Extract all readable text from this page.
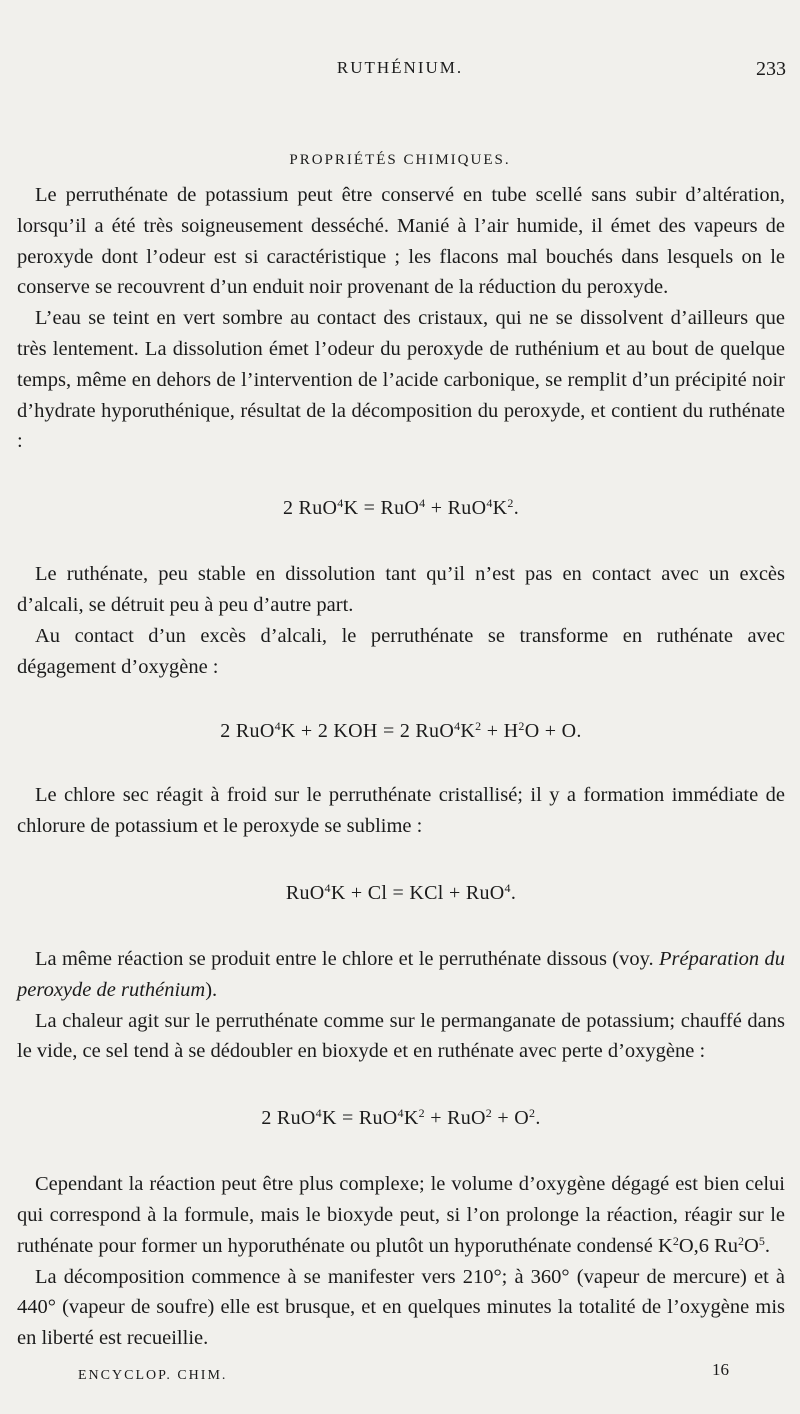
RUTHÉNIUM.	233
PROPRIÉTÉS CHIMIQUES.

Le perruthénate de potassium peut être conservé en tube scellé sans subir d’altération, lorsqu’il a été très soigneusement desséché. Manié à l’air humide, il émet des vapeurs de peroxyde dont l’odeur est si caractéristique ; les flacons mal bouchés dans lesquels on le conserve se recouvrent d’un enduit noir provenant de la réduction du peroxyde.

L’eau se teint en vert sombre au contact des cristaux, qui ne se dissolvent d’ailleurs que très lentement. La dissolution émet l’odeur du peroxyde de ruthénium et au bout de quelque temps, même en dehors de l’intervention de l’acide carbonique, se remplit d’un précipité noir d’hydrate hyporuthénique, résultat de la décomposition du peroxyde, et contient du ruthénate :

2 $RuO^4K = RuO^4 + RuO^4K^2$.

Le ruthénate, peu stable en dissolution tant qu’il n’est pas en contact avec un excès d’alcali, se détruit peu à peu d’autre part.

Au contact d’un excès d’alcali, le perruthénate se transforme en ruthénate avec dégagement d’oxygène :

2 RuO$^4$K + 2 KOH = 2 $RuO^4K^2 + H^2O + O$.

Le chlore sec réagit à froid sur le perruthénate cristallisé; il y a formation immédiate de chlorure de potassium et le peroxyde se sublime :

RuO$^4$K + Cl = KCl + RuO$^4$.

La même réaction se produit entre le chlore et le perruthénate dissous (voy. Préparation du peroxyde de ruthénium).

La chaleur agit sur le perruthénate comme sur le permanganate de potassium; chauffé dans le vide, ce sel tend à se dédoubler en bioxyde et en ruthénate avec perte d’oxygène :

2 $RuO^4K = RuO^4K^2 + RuO^2 + O^2$.

Cependant la réaction peut être plus complexe; le volume d’oxygène dégagé est bien celui qui correspond à la formule, mais le bioxyde peut, si l’on prolonge la réaction, réagir sur le ruthénate pour former un hyporuthénate ou plutôt un hyporuthénate condensé $K^2O,6$ $Ru^2O^5$.

La décomposition commence à se manifester vers 210°; à 360° (vapeur de mercure) et à 440° (vapeur de soufre) elle est brusque, et en quelques minutes la totalité de l’oxygène mis en liberté est recueillie.

ENCYCLOP. CHIM.	16
